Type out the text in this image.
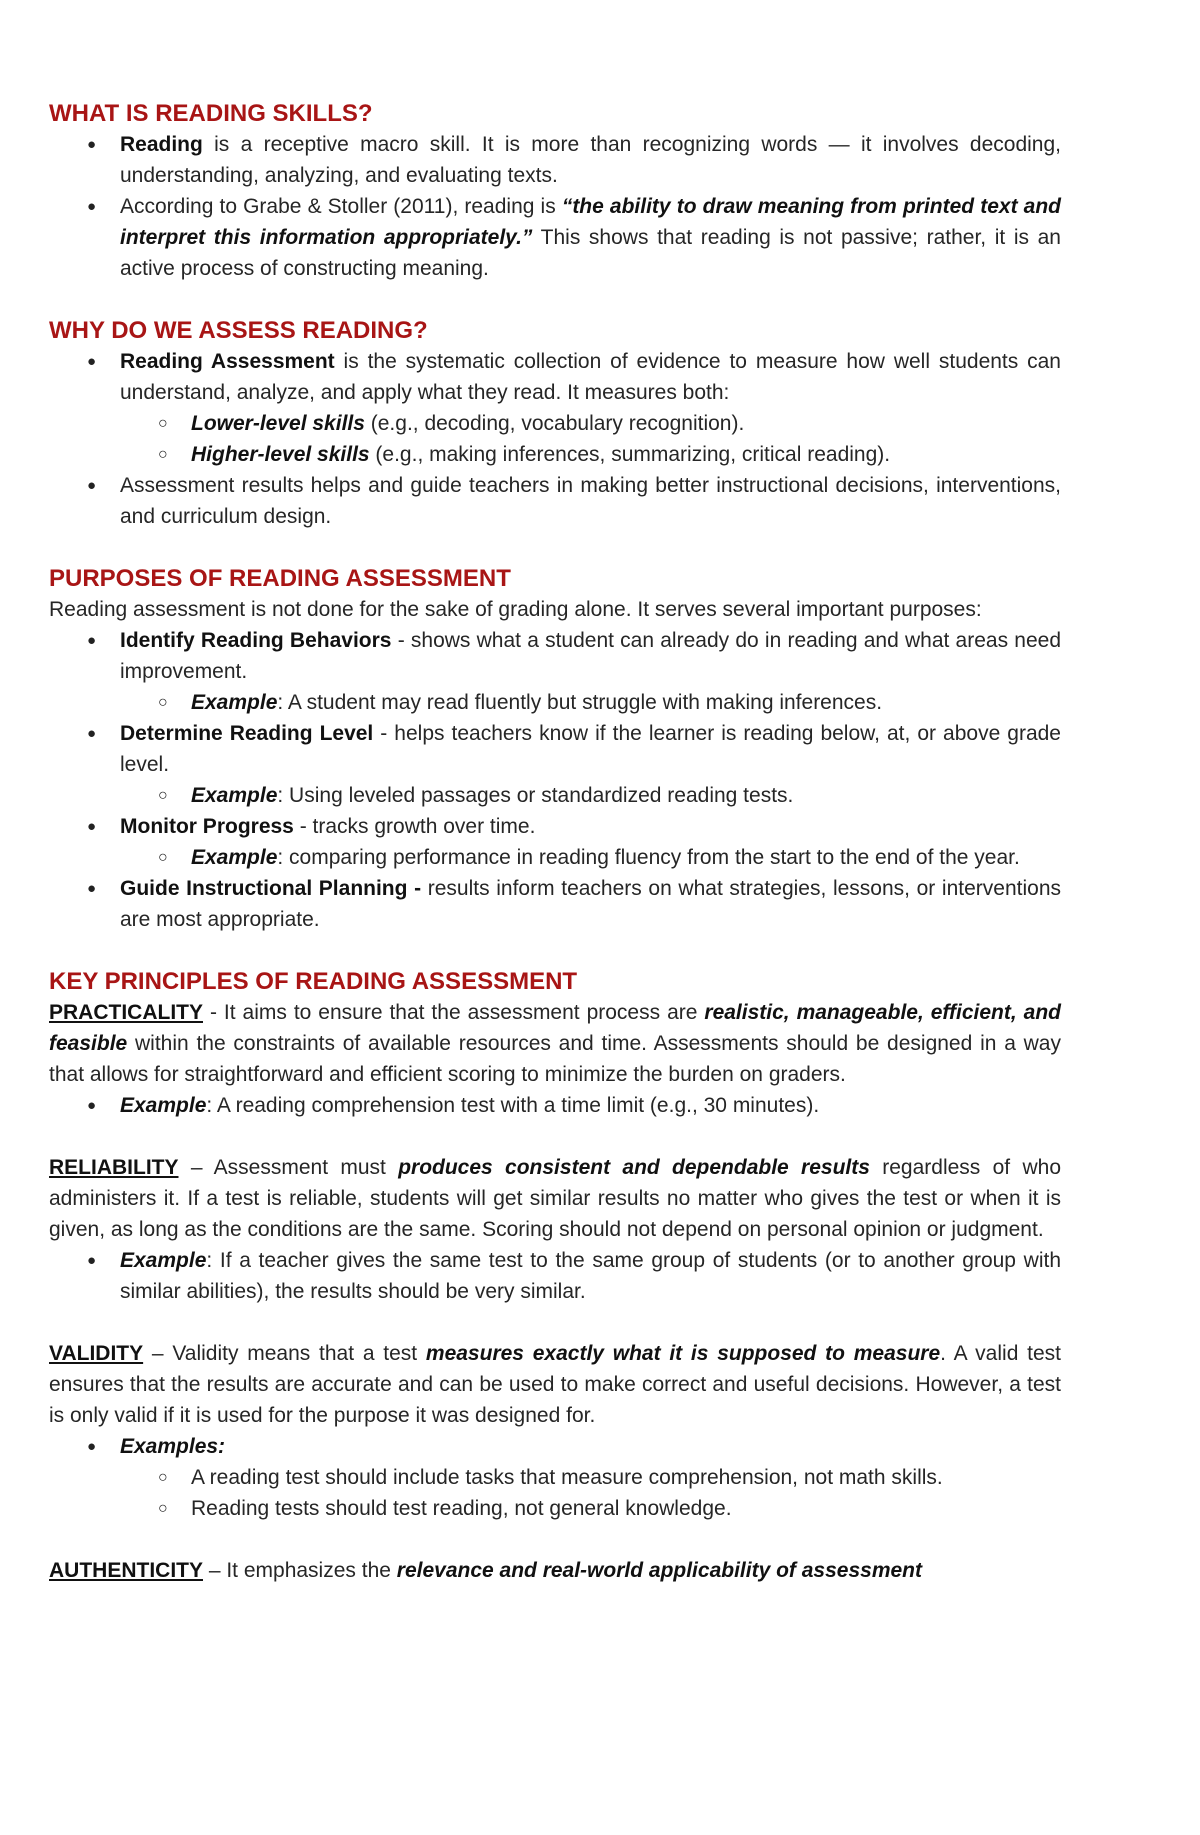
WHAT IS READING SKILLS?
● Reading is a receptive macro skill. It is more than recognizing words — it involves decoding, understanding, analyzing, and evaluating texts.
● According to Grabe & Stoller (2011), reading is “the ability to draw meaning from printed text and interpret this information appropriately.” This shows that reading is not passive; rather, it is an active process of constructing meaning.
WHY DO WE ASSESS READING?
● Reading Assessment is the systematic collection of evidence to measure how well students can understand, analyze, and apply what they read. It measures both:
○ Lower-level skills (e.g., decoding, vocabulary recognition).
○ Higher-level skills (e.g., making inferences, summarizing, critical reading).
● Assessment results helps and guide teachers in making better instructional decisions, interventions, and curriculum design.
PURPOSES OF READING ASSESSMENT

Reading assessment is not done for the sake of grading alone. It serves several important purposes:

● Identify Reading Behaviors - shows what a student can already do in reading and what areas need improvement.
○ Example: A student may read fluently but struggle with making inferences.
● Determine Reading Level - helps teachers know if the learner is reading below, at, or above grade level.
○ Example: Using leveled passages or standardized reading tests.
● Monitor Progress - tracks growth over time.
○ Example: comparing performance in reading fluency from the start to the end of the year.
● Guide Instructional Planning - results inform teachers on what strategies, lessons, or interventions are most appropriate.
KEY PRINCIPLES OF READING ASSESSMENT

PRACTICALITY - It aims to ensure that the assessment process are realistic, manageable, efficient, and feasible within the constraints of available resources and time. Assessments should be designed in a way that allows for straightforward and efficient scoring to minimize the burden on graders.

● Example: A reading comprehension test with a time limit (e.g., 30 minutes).

RELIABILITY – Assessment must produces consistent and dependable results regardless of who administers it. If a test is reliable, students will get similar results no matter who gives the test or when it is given, as long as the conditions are the same. Scoring should not depend on personal opinion or judgment.

● Example: If a teacher gives the same test to the same group of students (or to another group with similar abilities), the results should be very similar.

VALIDITY – Validity means that a test measures exactly what it is supposed to measure. A valid test ensures that the results are accurate and can be used to make correct and useful decisions. However, a test is only valid if it is used for the purpose it was designed for.

● Examples:
○ A reading test should include tasks that measure comprehension, not math skills.
○ Reading tests should test reading, not general knowledge.

AUTHENTICITY – It emphasizes the relevance and real-world applicability of assessment
